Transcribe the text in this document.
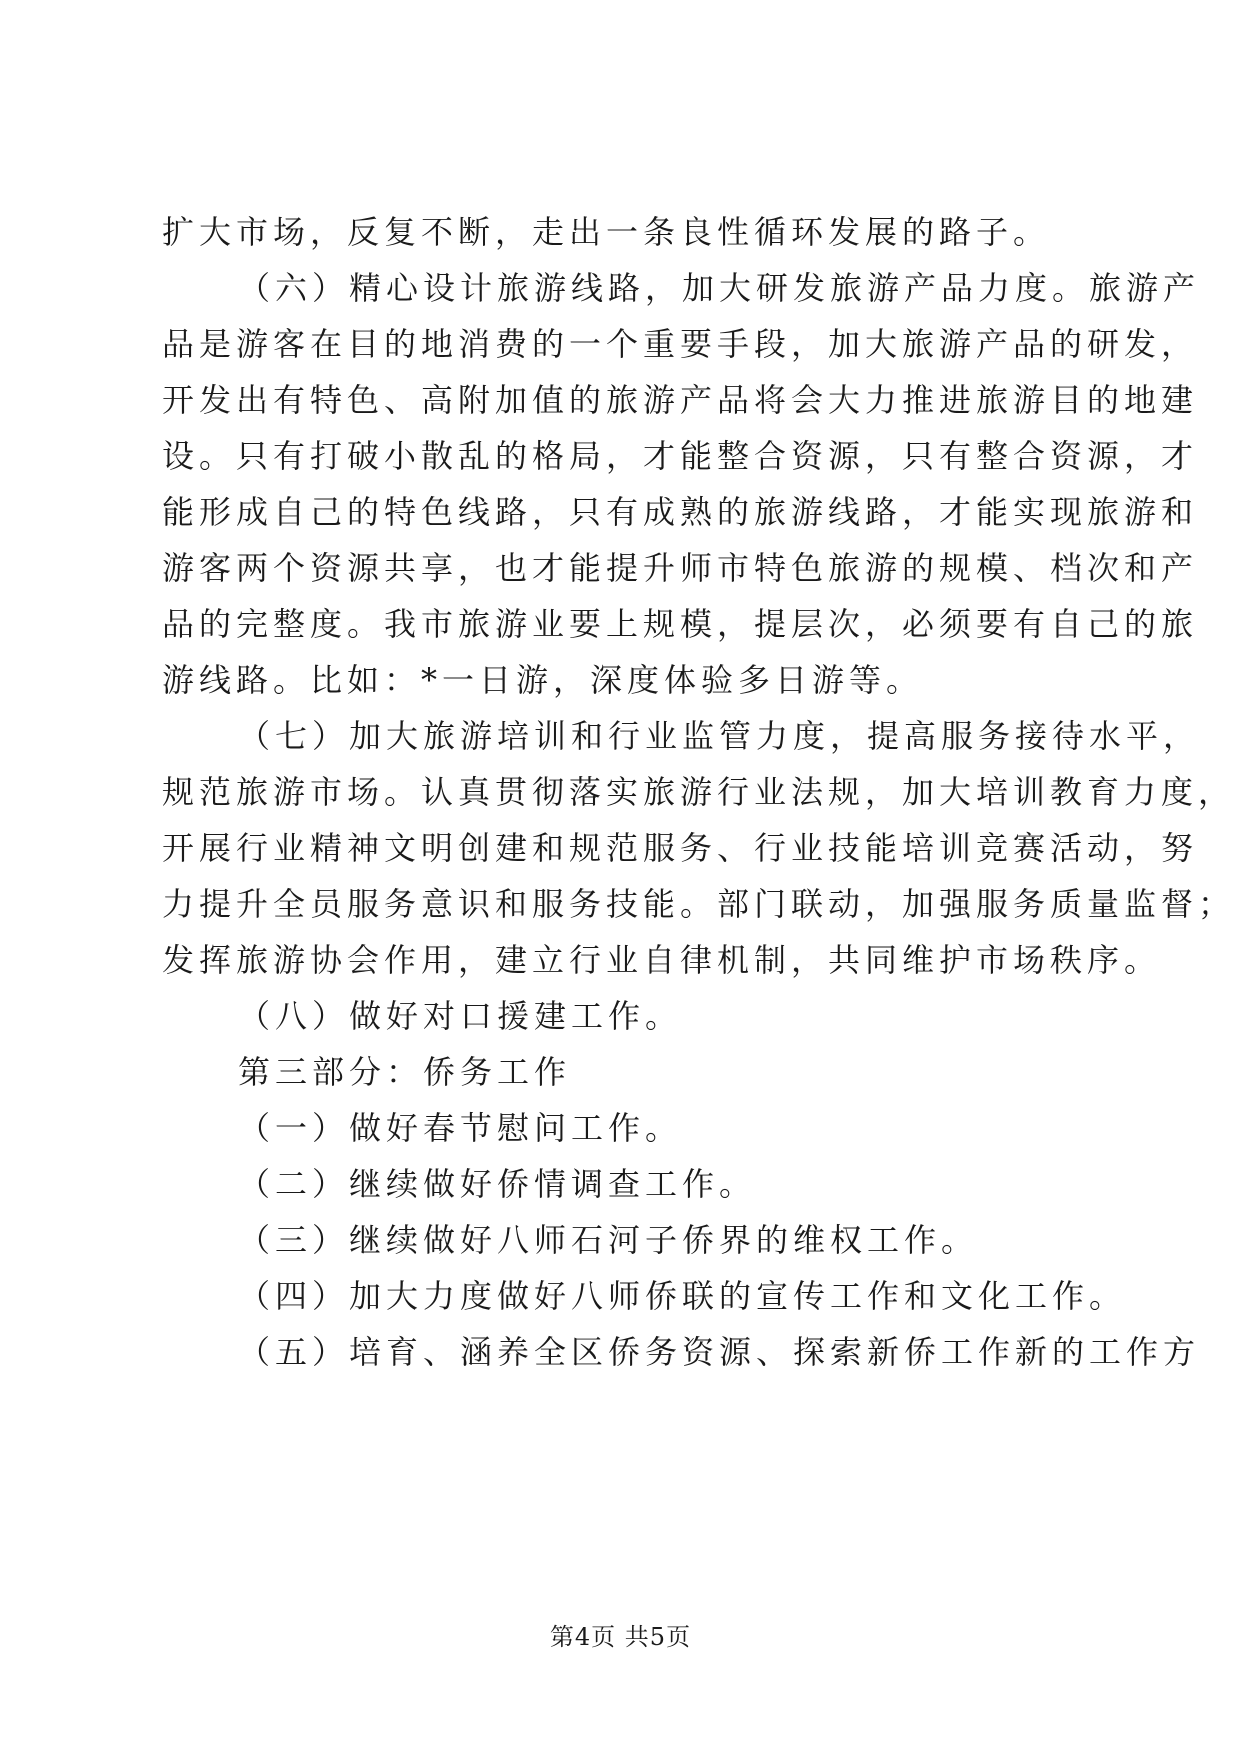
扩大市场，反复不断，走出一条良性循环发展的路子。
（六）精心设计旅游线路，加大研发旅游产品力度。旅游产
品是游客在目的地消费的一个重要手段，加大旅游产品的研发，
开发出有特色、高附加值的旅游产品将会大力推进旅游目的地建
设。只有打破小散乱的格局，才能整合资源，只有整合资源，才
能形成自己的特色线路，只有成熟的旅游线路，才能实现旅游和
游客两个资源共享，也才能提升师市特色旅游的规模、档次和产
品的完整度。我市旅游业要上规模，提层次，必须要有自己的旅
游线路。比如：*一日游，深度体验多日游等。
（七）加大旅游培训和行业监管力度，提高服务接待水平，
规范旅游市场。认真贯彻落实旅游行业法规，加大培训教育力度，
开展行业精神文明创建和规范服务、行业技能培训竞赛活动，努
力提升全员服务意识和服务技能。部门联动，加强服务质量监督；
发挥旅游协会作用，建立行业自律机制，共同维护市场秩序。
（八）做好对口援建工作。
第三部分：侨务工作
（一）做好春节慰问工作。
（二）继续做好侨情调查工作。
（三）继续做好八师石河子侨界的维权工作。
（四）加大力度做好八师侨联的宣传工作和文化工作。
（五）培育、涵养全区侨务资源、探索新侨工作新的工作方
第4页 共5页
